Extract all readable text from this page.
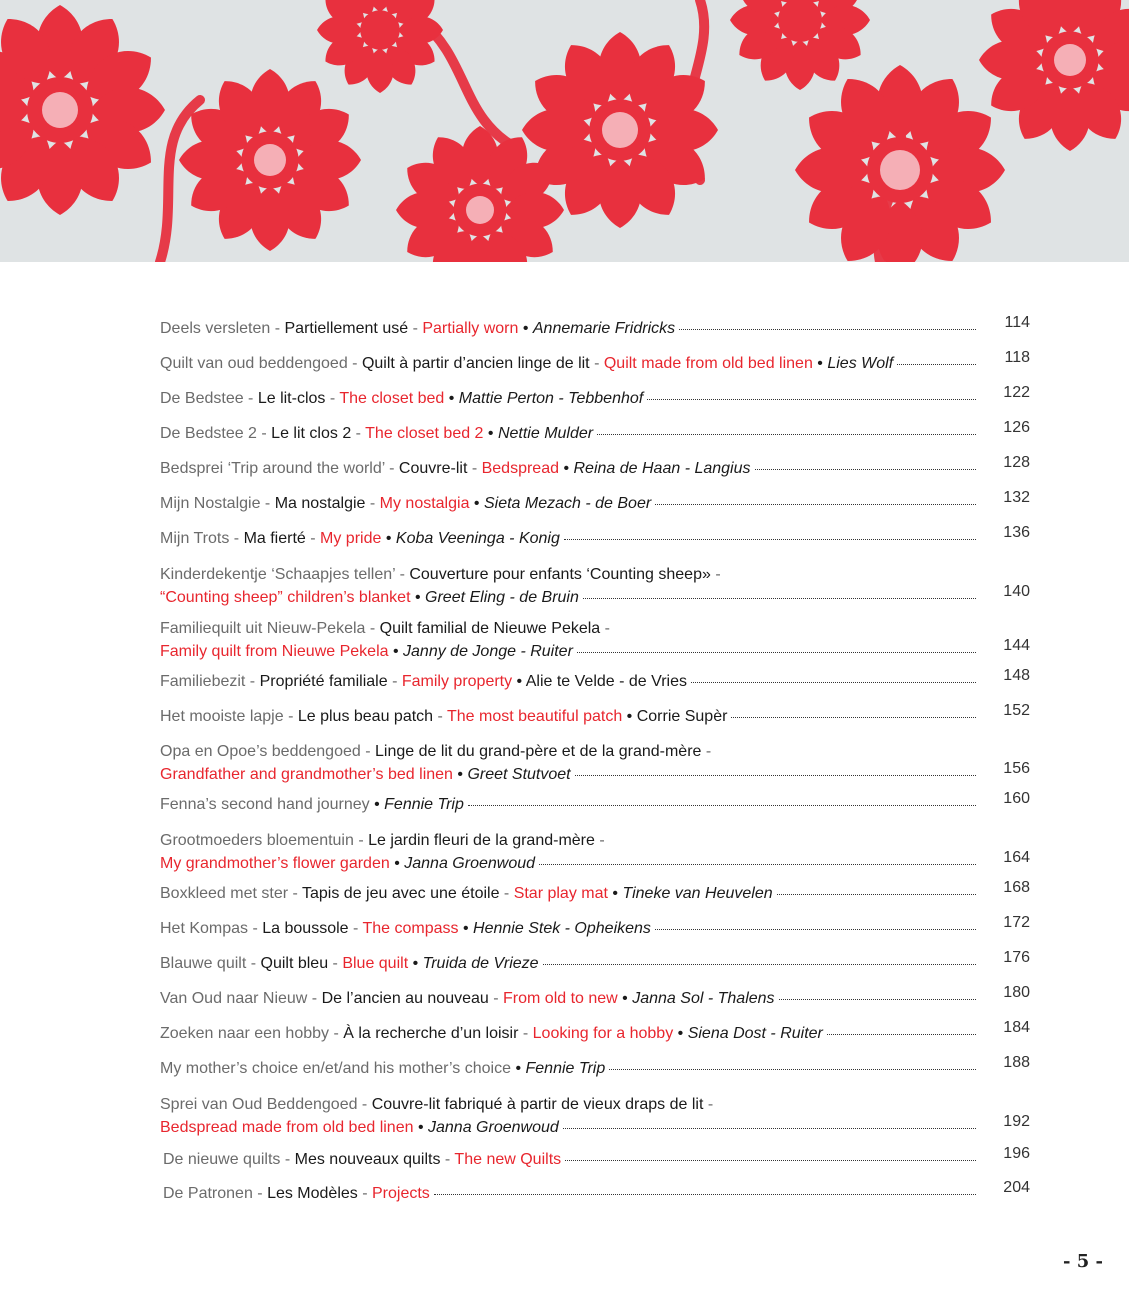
Deels versleten - Partiellement usé - Partially worn • Annemarie Fridricks	114
Quilt van oud beddengoed - Quilt à partir d’ancien linge de lit - Quilt made from old bed linen • Lies Wolf	118
De Bedstee - Le lit-clos - The closet bed • Mattie Perton - Tebbenhof	122
De Bedstee 2 - Le lit clos 2 - The closet bed 2 • Nettie Mulder	126
Bedsprei ‘Trip around the world’ - Couvre-lit - Bedspread • Reina de Haan - Langius	128
Mijn Nostalgie - Ma nostalgie - My nostalgia • Sieta Mezach - de Boer	132
Mijn Trots - Ma fierté - My pride • Koba Veeninga - Konig	136
Kinderdekentje ‘Schaapjes tellen’ - Couverture pour enfants ‘Counting sheep» -
“Counting sheep” children’s blanket • Greet Eling - de Bruin	140
Familiequilt uit Nieuw-Pekela - Quilt familial de Nieuwe Pekela -
Family quilt from Nieuwe Pekela • Janny de Jonge - Ruiter	144
Familiebezit - Propriété familiale - Family property • Alie te Velde - de Vries	148
Het mooiste lapje - Le plus beau patch - The most beautiful patch • Corrie Supèr	152
Opa en Opoe’s beddengoed - Linge de lit du grand-père et de la grand-mère -
Grandfather and grandmother’s bed linen • Greet Stutvoet	156
Fenna’s second hand journey • Fennie Trip	160
Grootmoeders bloementuin - Le jardin fleuri de la grand-mère -
My grandmother’s flower garden • Janna Groenwoud	164
Boxkleed met ster - Tapis de jeu avec une étoile - Star play mat • Tineke van Heuvelen	168
Het Kompas - La boussole - The compass • Hennie Stek - Opheikens	172
Blauwe quilt - Quilt bleu - Blue quilt • Truida de Vrieze	176
Van Oud naar Nieuw - De l’ancien au nouveau - From old to new • Janna Sol - Thalens	180
Zoeken naar een hobby - À la recherche d’un loisir - Looking for a hobby • Siena Dost - Ruiter	184
My mother’s choice en/et/and his mother’s choice • Fennie Trip	188
Sprei van Oud Beddengoed - Couvre-lit fabriqué à partir de vieux draps de lit -
Bedspread made from old bed linen • Janna Groenwoud	192
De nieuwe quilts - Mes nouveaux quilts - The new Quilts	196
De Patronen - Les Modèles - Projects	204
- 5 -
